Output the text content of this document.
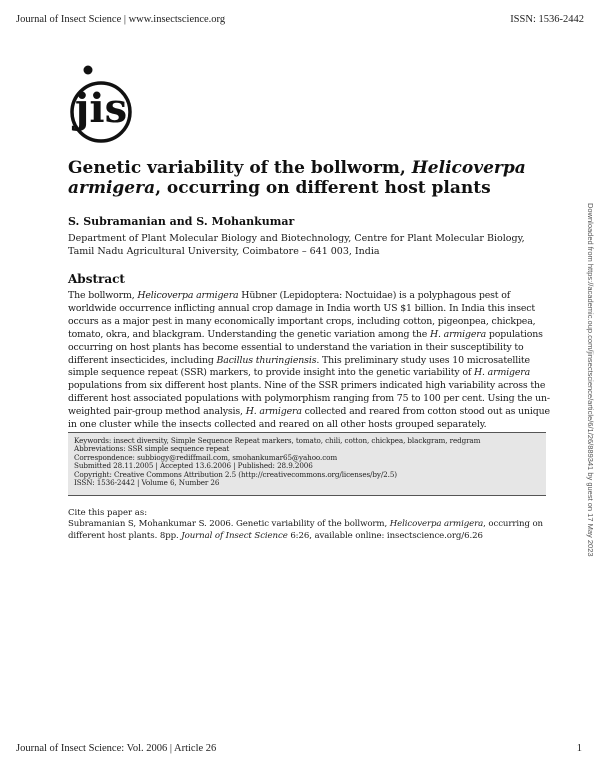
Journal of Insect Science | www.insectscience.org	ISSN: 1536-2442
jis
Genetic variability of the bollworm, Helicoverpa armigera, occurring on different host plants
S. Subramanian and S. Mohankumar
Department of Plant Molecular Biology and Biotechnology, Centre for Plant Molecular Biology, Tamil Nadu Agricultural University, Coimbatore – 641 003, India
Abstract
The bollworm, Helicoverpa armigera Hübner (Lepidoptera: Noctuidae) is a polyphagous pest of worldwide occurrence inflicting annual crop damage in India worth US $1 billion. In India this insect occurs as a major pest in many economically important crops, including cotton, pigeonpea, chickpea, tomato, okra, and blackgram. Understanding the genetic variation among the H. armigera populations occurring on host plants has become essential to understand the variation in their susceptibility to different insecticides, including Bacillus thuringiensis. This preliminary study uses 10 microsatellite simple sequence repeat (SSR) markers, to provide insight into the genetic variability of H. armigera populations from six different host plants. Nine of the SSR primers indicated high variability across the different host associated populations with polymorphism ranging from 75 to 100 per cent. Using the un-weighted pair-group method analysis, H. armigera collected and reared from cotton stood out as unique in one cluster while the insects collected and reared on all other hosts grouped separately.
Keywords: insect diversity, Simple Sequence Repeat markers, tomato, chili, cotton, chickpea, blackgram, redgram
Abbreviations: SSR simple sequence repeat
Correspondence: subbiogy@rediffmail.com, smohankumar65@yahoo.com
Submitted 28.11.2005 | Accepted 13.6.2006 | Published: 28.9.2006
Copyright: Creative Commons Attribution 2.5 (http://creativecommons.org/licenses/by/2.5)
ISSN: 1536-2442 | Volume 6, Number 26
Cite this paper as:
Subramanian S, Mohankumar S. 2006. Genetic variability of the bollworm, Helicoverpa armigera, occurring on different host plants. 8pp. Journal of Insect Science 6:26, available online: insectscience.org/6.26
Journal of Insect Science: Vol. 2006 | Article 26	1
Downloaded from https://academic.oup.com/jinsectscience/article/6/1/26/889341 by guest on 17 May 2023
